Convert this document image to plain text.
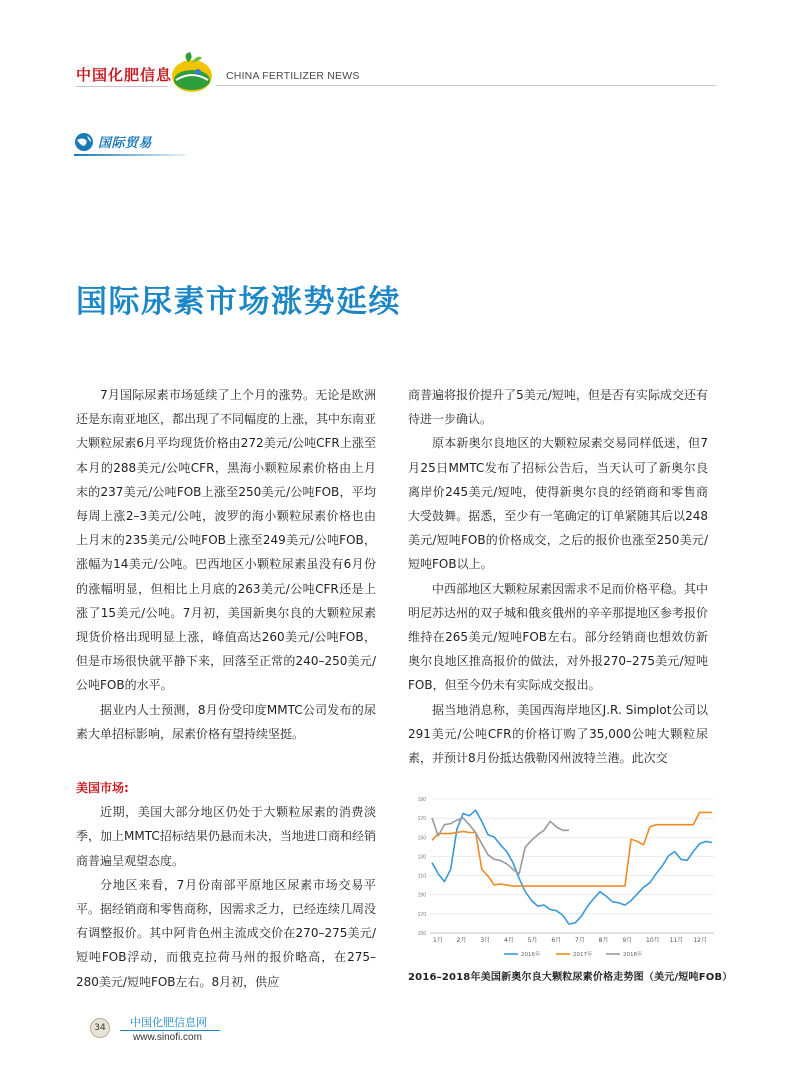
中国化肥信息	CHINA FERTILIZER NEWS
国际贸易
国际尿素市场涨势延续

7月国际尿素市场延续了上个月的涨势。无论是欧洲还是东南亚地区，都出现了不同幅度的上涨，其中东南亚大颗粒尿素6月平均现货价格由272美元/公吨CFR上涨至本月的288美元/公吨CFR，黑海小颗粒尿素价格由上月末的237美元/公吨FOB上涨至250美元/公吨FOB，平均每周上涨2–3美元/公吨，波罗的海小颗粒尿素价格也由上月末的235美元/公吨FOB上涨至249美元/公吨FOB，涨幅为14美元/公吨。巴西地区小颗粒尿素虽没有6月份的涨幅明显，但相比上月底的263美元/公吨CFR还是上涨了15美元/公吨。7月初，美国新奥尔良的大颗粒尿素现货价格出现明显上涨，峰值高达260美元/公吨FOB，但是市场很快就平静下来，回落至正常的240–250美元/公吨FOB的水平。

据业内人士预测，8月份受印度MMTC公司发布的尿素大单招标影响，尿素价格有望持续坚挺。

美国市场:

近期，美国大部分地区仍处于大颗粒尿素的消费淡季，加上MMTC招标结果仍悬而未决，当地进口商和经销商普遍呈观望态度。

分地区来看，7月份南部平原地区尿素市场交易平平。据经销商和零售商称，因需求乏力，已经连续几周没有调整报价。其中阿肯色州主流成交价在270–275美元/短吨FOB浮动，而俄克拉荷马州的报价略高，在275–280美元/短吨FOB左右。8月初，供应

商普遍将报价提升了5美元/短吨，但是否有实际成交还有待进一步确认。

原本新奥尔良地区的大颗粒尿素交易同样低迷，但7月25日MMTC发布了招标公告后，当天认可了新奥尔良离岸价245美元/短吨，使得新奥尔良的经销商和零售商大受鼓舞。据悉，至少有一笔确定的订单紧随其后以248美元/短吨FOB的价格成交，之后的报价也涨至250美元/短吨FOB以上。

中西部地区大颗粒尿素因需求不足而价格平稳。其中明尼苏达州的双子城和俄亥俄州的辛辛那提地区参考报价维持在265美元/短吨FOB左右。部分经销商也想效仿新奥尔良地区推高报价的做法，对外报270–275美元/短吨FOB，但至今仍未有实际成交报出。

据当地消息称，美国西海岸地区J.R. Simplot公司以291美元/公吨CFR的价格订购了35,000公吨大颗粒尿素，并预计8月份抵达俄勒冈州波特兰港。此次交

190
170
150
130
110
190
170
150
1月 2月 3月 4月 5月 6月 7月 8月 9月 10月 11月 12月
2016年	2017年	2018年
2016–2018年美国新奥尔良大颗粒尿素价格走势图（美元/短吨FOB）
34	中国化肥信息网
www.sinofi.com
